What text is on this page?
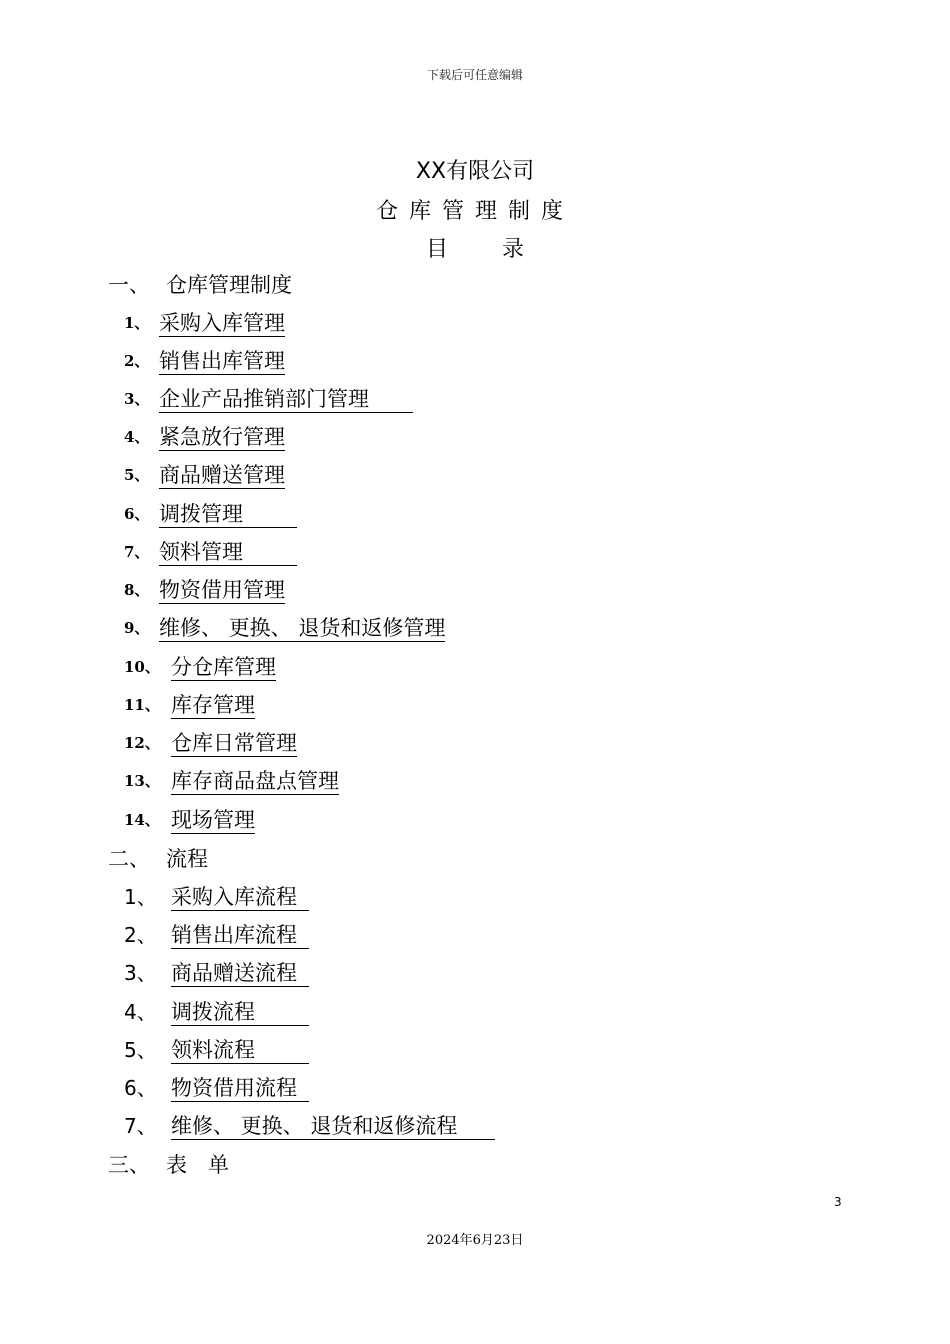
下载后可任意编辑
XX有限公司
仓库管理制度
目 录
一、 仓库管理制度
1、 采购入库管理
2、 销售出库管理
3、 企业产品推销部门管理
4、 紧急放行管理
5、 商品赠送管理
6、 调拨管理
7、 领料管理
8、 物资借用管理
9、 维修、 更换、 退货和返修管理
10、 分仓库管理
11、 库存管理
12、 仓库日常管理
13、 库存商品盘点管理
14、 现场管理
二、 流程
1、 采购入库流程
2、 销售出库流程
3、 商品赠送流程
4、 调拨流程
5、 领料流程
6、 物资借用流程
7、 维修、 更换、 退货和返修流程
三、 表　单
3
2024年6月23日
